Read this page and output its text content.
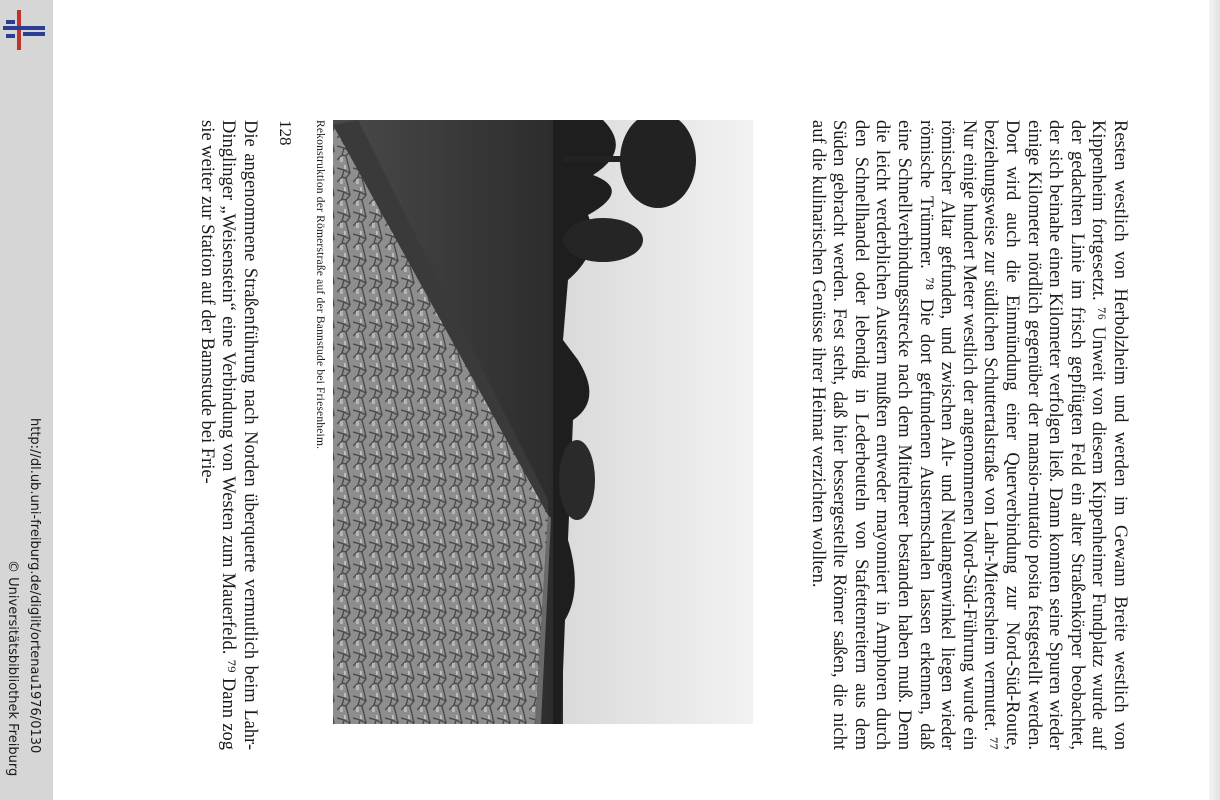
http://dl.ub.uni-freiburg.de/diglit/ortenau1976/0130
© Universitätsbibliothek Freiburg	Resten westlich von Herbolzheim und werden im Gewann Breite westlich von Kippenheim fortgesetzt. ⁷⁶ Unweit von diesem Kippenheimer Fundplatz wurde auf der gedachten Linie im frisch gepflügten Feld ein alter Straßenkörper beobachtet, der sich beinahe einen Kilometer verfolgen ließ. Dann konnten seine Spuren wieder einige Kilometer nördlich gegenüber der mansio-mutatio posita festgestellt werden. Dort wird auch die Einmündung einer Querverbindung zur Nord-Süd-Route, beziehungsweise zur südlichen Schuttertalstraße von Lahr-Mietersheim vermutet. ⁷⁷ Nur einige hundert Meter westlich der angenommenen Nord-Süd-Führung wurde ein römischer Altar gefunden, und zwischen Alt- und Neulangenwinkel liegen wieder römische Trümmer. ⁷⁸ Die dort gefundenen Austernschalen lassen erkennen, daß eine Schnellverbindungsstrecke nach dem Mittelmeer bestanden haben muß. Denn die leicht verderblichen Austern mußten entweder mayonniert in Amphoren durch den Schnellhandel oder lebendig in Lederbeuteln von Stafettenreitern aus dem Süden gebracht werden. Fest steht, daß hier bessergestellte Römer saßen, die nicht auf die kulinarischen Genüsse ihrer Heimat verzichten wollten.

Rekonstruktion der Römerstraße auf der Bannstude bei Friesenheim.
128

Die angenommene Straßenführung nach Norden überquerte vermutlich beim Lahr-Dinglinger „Weisenstein“ eine Verbindung von Westen zum Mauerfeld. ⁷⁹ Dann zog sie weiter zur Station auf der Bannstude bei Frie-
